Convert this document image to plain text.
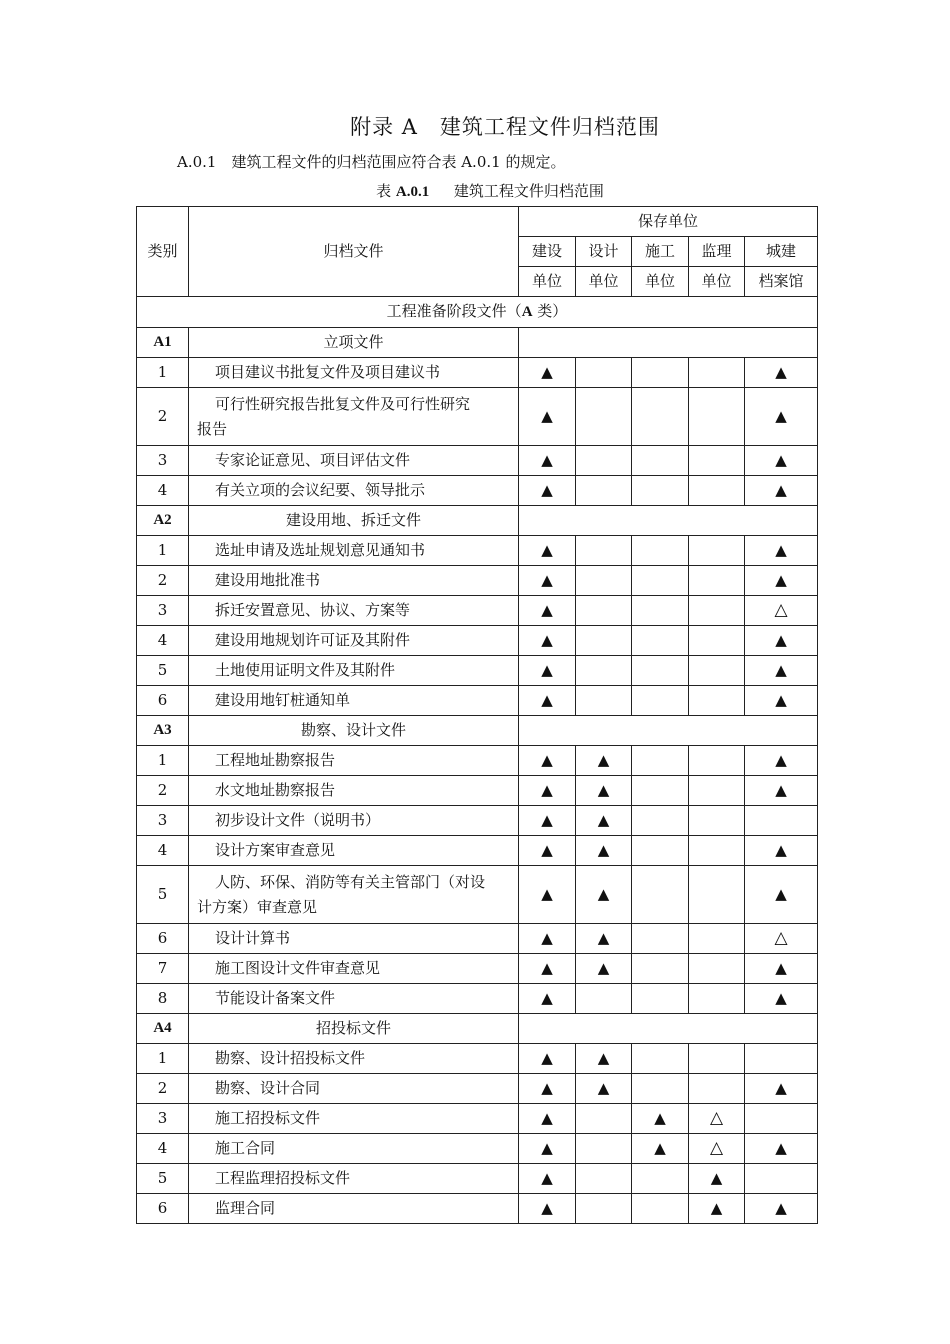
附录 A　建筑工程文件归档范围
A.0.1　建筑工程文件的归档范围应符合表 A.0.1 的规定。
表 A.0.1 　 建筑工程文件归档范围
类别	归档文件	保存单位				
		建设	设计	施工	监理	城建
		单位	单位	单位	单位	档案馆
工程准备阶段文件（A 类）						
A1	立项文件					
1	项目建议书批复文件及项目建议书	▲				▲
2	可行性研究报告批复文件及可行性研究
报告	▲				▲
3	专家论证意见、项目评估文件	▲				▲
4	有关立项的会议纪要、领导批示	▲				▲
A2	建设用地、拆迁文件					
1	选址申请及选址规划意见通知书	▲				▲
2	建设用地批准书	▲				▲
3	拆迁安置意见、协议、方案等	▲				△
4	建设用地规划许可证及其附件	▲				▲
5	土地使用证明文件及其附件	▲				▲
6	建设用地钉桩通知单	▲				▲
A3	勘察、设计文件					
1	工程地址勘察报告	▲	▲			▲
2	水文地址勘察报告	▲	▲			▲
3	初步设计文件（说明书）	▲	▲			
4	设计方案审查意见	▲	▲			▲
5	人防、环保、消防等有关主管部门（对设
计方案）审查意见	▲	▲			▲
6	设计计算书	▲	▲			△
7	施工图设计文件审查意见	▲	▲			▲
8	节能设计备案文件	▲				▲
A4	招投标文件					
1	勘察、设计招投标文件	▲	▲			
2	勘察、设计合同	▲	▲			▲
3	施工招投标文件	▲		▲	△	
4	施工合同	▲		▲	△	▲
5	工程监理招投标文件	▲			▲	
6	监理合同	▲			▲	▲
